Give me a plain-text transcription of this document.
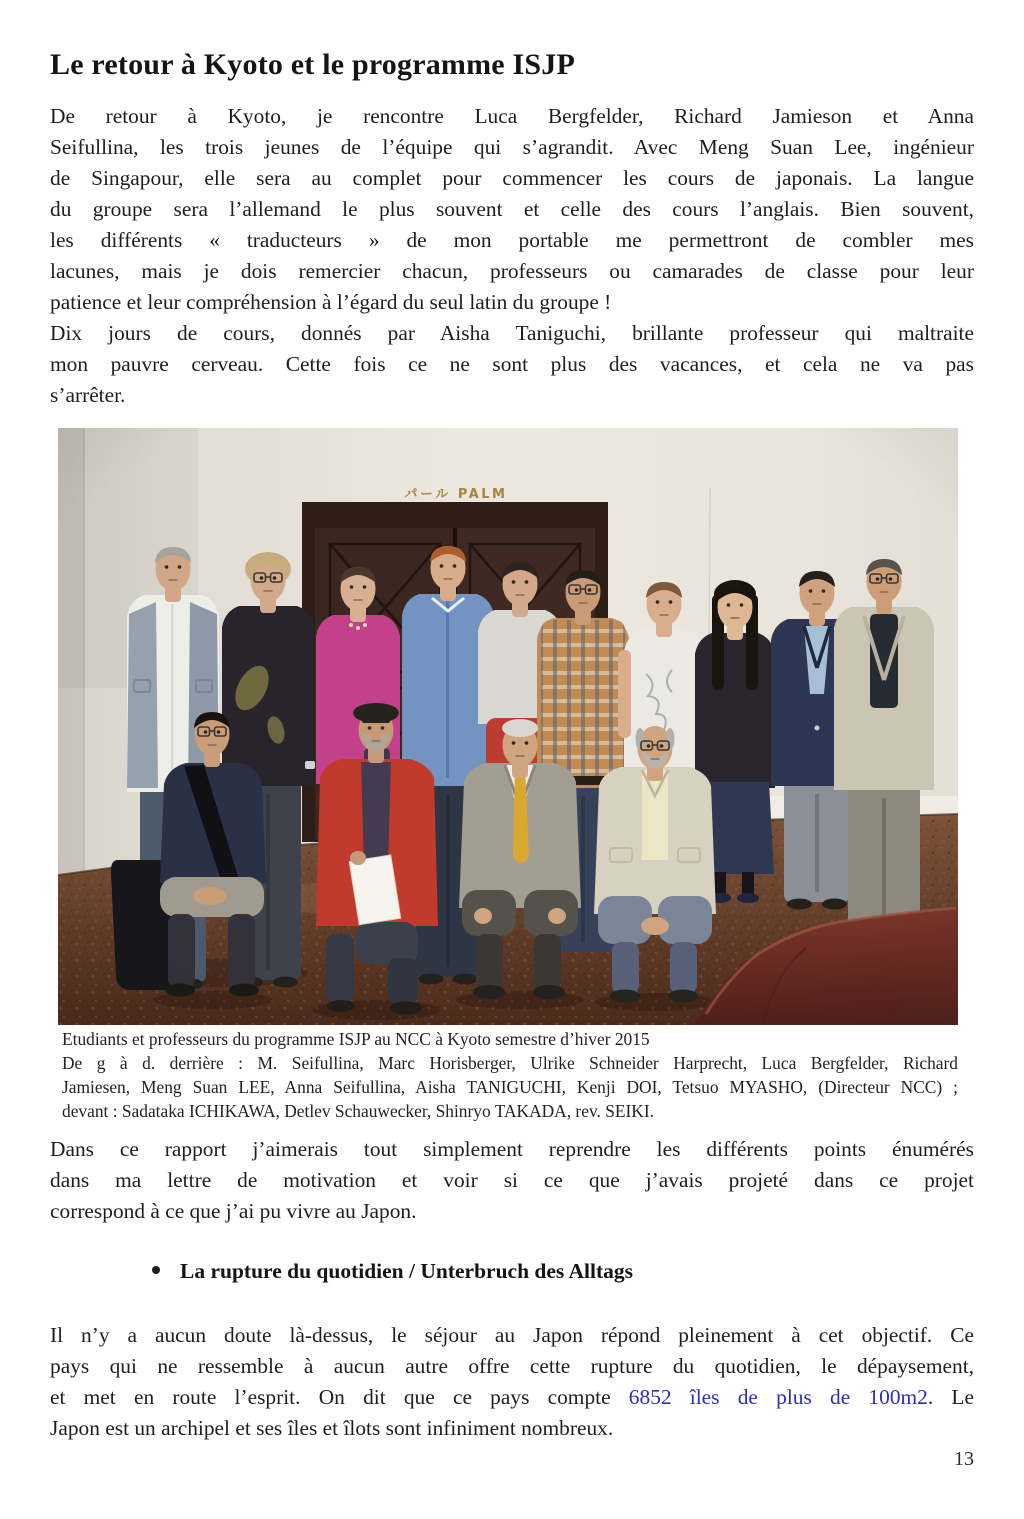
Le retour à Kyoto et le programme ISJP
De retour à Kyoto, je rencontre Luca Bergfelder, Richard Jamieson et Anna
Seifullina, les trois jeunes de l’équipe qui s’agrandit. Avec Meng Suan Lee, ingénieur
de Singapour, elle sera au complet pour commencer les cours de japonais. La langue
du groupe sera l’allemand le plus souvent et celle des cours l’anglais. Bien souvent,
les différents « traducteurs » de mon portable me permettront de combler mes
lacunes, mais je dois remercier chacun, professeurs ou camarades de classe pour leur
patience et leur compréhension à l’égard du seul latin du groupe !
Dix jours de cours, donnés par Aisha Taniguchi, brillante professeur qui maltraite
mon pauvre cerveau. Cette fois ce ne sont plus des vacances, et cela ne va pas
s’arrêter.
Etudiants et professeurs du programme ISJP au NCC à Kyoto semestre d’hiver 2015
De g à d. derrière : M. Seifullina, Marc Horisberger, Ulrike Schneider Harprecht, Luca Bergfelder, Richard
Jamiesen, Meng Suan LEE, Anna Seifullina, Aisha TANIGUCHI, Kenji DOI, Tetsuo MYASHO, (Directeur NCC) ;
devant : Sadataka ICHIKAWA, Detlev Schauwecker, Shinryo TAKADA, rev. SEIKI.
Dans ce rapport j’aimerais tout simplement reprendre les différents points énumérés
dans ma lettre de motivation et voir si ce que j’avais projeté dans ce projet
correspond à ce que j’ai pu vivre au Japon.
La rupture du quotidien / Unterbruch des Alltags
Il n’y a aucun doute là-dessus, le séjour au Japon répond pleinement à cet objectif. Ce
pays qui ne ressemble à aucun autre offre cette rupture du quotidien, le dépaysement,
et met en route l’esprit. On dit que ce pays compte 6852 îles de plus de 100m2. Le
Japon est un archipel et ses îles et îlots sont infiniment nombreux.
13
